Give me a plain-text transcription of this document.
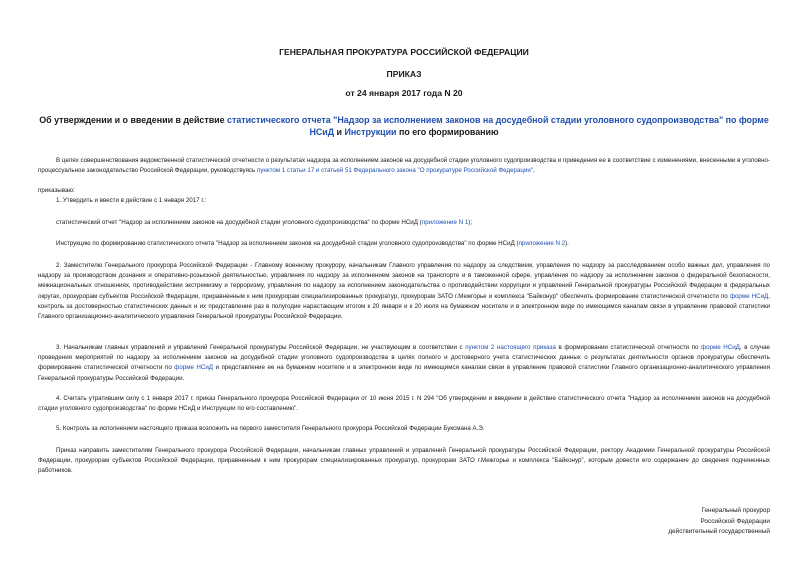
ГЕНЕРАЛЬНАЯ ПРОКУРАТУРА РОССИЙСКОЙ ФЕДЕРАЦИИ
ПРИКАЗ
от 24 января 2017 года N 20
Об утверждении и о введении в действие статистического отчета "Надзор за исполнением законов на досудебной стадии уголовного судопроизводства" по форме НСиД и Инструкции по его формированию
В целях совершенствования ведомственной статистической отчетности о результатах надзора за исполнением законов на досудебной стадии уголовного судопроизводства и приведения ее в соответствие с изменениями, внесенными в уголовно-процессуальное законодательство Российской Федерации, руководствуясь пунктом 1 статьи 17 и статьей 51 Федерального закона "О прокуратуре Российской Федерации",
приказываю:
1. Утвердить и ввести в действие с 1 января 2017 г.:
статистический отчет "Надзор за исполнением законов на досудебной стадии уголовного судопроизводства" по форме НСиД (приложение N 1);
Инструкцию по формированию статистического отчета "Надзор за исполнением законов на досудебной стадии уголовного судопроизводства" по форме НСиД (приложение N 2).
2. Заместителю Генерального прокурора Российской Федерации - Главному военному прокурору, начальникам Главного управления по надзору за следствием, управления по надзору за расследованием особо важных дел, управления по надзору за производством дознания и оперативно-розыскной деятельностью, управления по надзору за исполнением законов на транспорте и в таможенной сфере, управления по надзору за исполнением законов о федеральной безопасности, межнациональных отношениях, противодействии экстремизму и терроризму, управления по надзору за исполнением законодательства о противодействии коррупции и управлений Генеральной прокуратуры Российской Федерации в федеральных округах, прокурорам субъектов Российской Федерации, приравненным к ним прокурорам специализированных прокуратур, прокурорам ЗАТО г.Межгорье и комплекса "Байконур" обеспечить формирование статистической отчетности по форме НСиД, контроль за достоверностью статистических данных и их представление раз в полугодие нарастающим итогом к 20 января и к 20 июля на бумажном носителе и в электронном виде по имеющимся каналам связи в управление правовой статистики Главного организационно-аналитического управления Генеральной прокуратуры Российской Федерации.
3. Начальникам главных управлений и управлений Генеральной прокуратуры Российской Федерации, не участвующим в соответствии с пунктом 2 настоящего приказа в формировании статистической отчетности по форме НСиД, в случае проведения мероприятий по надзору за исполнением законов на досудебной стадии уголовного судопроизводства в целях полного и достоверного учета статистических данных о результатах деятельности органов прокуратуры обеспечить формирование статистической отчетности по форме НСиД и представление ее на бумажном носителе и в электронном виде по имеющимся каналам связи в управление правовой статистики Главного организационно-аналитического управления Генеральной прокуратуры Российской Федерации.
4. Считать утратившим силу с 1 января 2017 г. приказ Генерального прокурора Российской Федерации от 10 июня 2015 г. N 294 "Об утверждении и введении в действие статистического отчета "Надзор за исполнением законов на досудебной стадии уголовного судопроизводства" по форме НСиД и Инструкции по его составлению".
5. Контроль за исполнением настоящего приказа возложить на первого заместителя Генерального прокурора Российской Федерации Буксмана А.Э.
Приказ направить заместителям Генерального прокурора Российской Федерации, начальникам главных управлений и управлений Генеральной прокуратуры Российской Федерации, ректору Академии Генеральной прокуратуры Российской Федерации, прокурорам субъектов Российской Федерации, приравненным к ним прокурорам специализированных прокуратур, прокурорам ЗАТО г.Межгорье и комплекса "Байконур", которым довести его содержание до сведения подчиненных работников.
Генеральный прокурор
Российской Федерации
действительный государственный
